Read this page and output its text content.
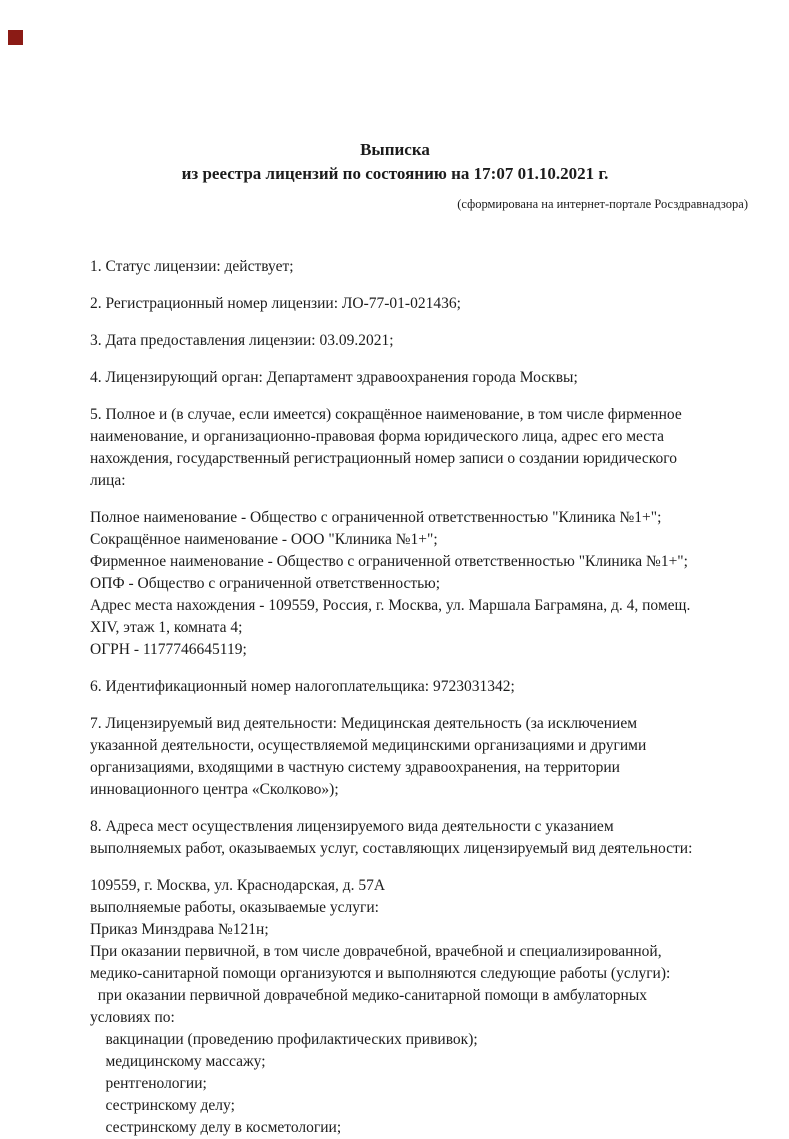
Выписка
из реестра лицензий по состоянию на 17:07 01.10.2021 г.
(сформирована на интернет-портале Росздравнадзора)
1. Статус лицензии: действует;
2. Регистрационный номер лицензии: ЛО-77-01-021436;
3. Дата предоставления лицензии: 03.09.2021;
4. Лицензирующий орган: Департамент здравоохранения города Москвы;
5. Полное и (в случае, если имеется) сокращённое наименование, в том числе фирменное наименование, и организационно-правовая форма юридического лица, адрес его места нахождения, государственный регистрационный номер записи о создании юридического лица:
Полное наименование - Общество с ограниченной ответственностью "Клиника №1+";
Сокращённое наименование - ООО "Клиника №1+";
Фирменное наименование - Общество с ограниченной ответственностью "Клиника №1+";
ОПФ - Общество с ограниченной ответственностью;
Адрес места нахождения - 109559, Россия, г. Москва, ул. Маршала Баграмяна, д. 4, помещ. XIV, этаж 1, комната 4;
ОГРН - 1177746645119;
6. Идентификационный номер налогоплательщика: 9723031342;
7. Лицензируемый вид деятельности: Медицинская деятельность (за исключением указанной деятельности, осуществляемой медицинскими организациями и другими организациями, входящими в частную систему здравоохранения, на территории инновационного центра «Сколково»);
8. Адреса мест осуществления лицензируемого вида деятельности с указанием выполняемых работ, оказываемых услуг, составляющих лицензируемый вид деятельности:
109559, г. Москва, ул. Краснодарская, д. 57А
выполняемые работы, оказываемые услуги:
Приказ Минздрава №121н;
При оказании первичной, в том числе доврачебной, врачебной и специализированной, медико-санитарной помощи организуются и выполняются следующие работы (услуги):
при оказании первичной доврачебной медико-санитарной помощи в амбулаторных условиях по:
вакцинации (проведению профилактических прививок);
медицинскому массажу;
рентгенологии;
сестринскому делу;
сестринскому делу в косметологии;
